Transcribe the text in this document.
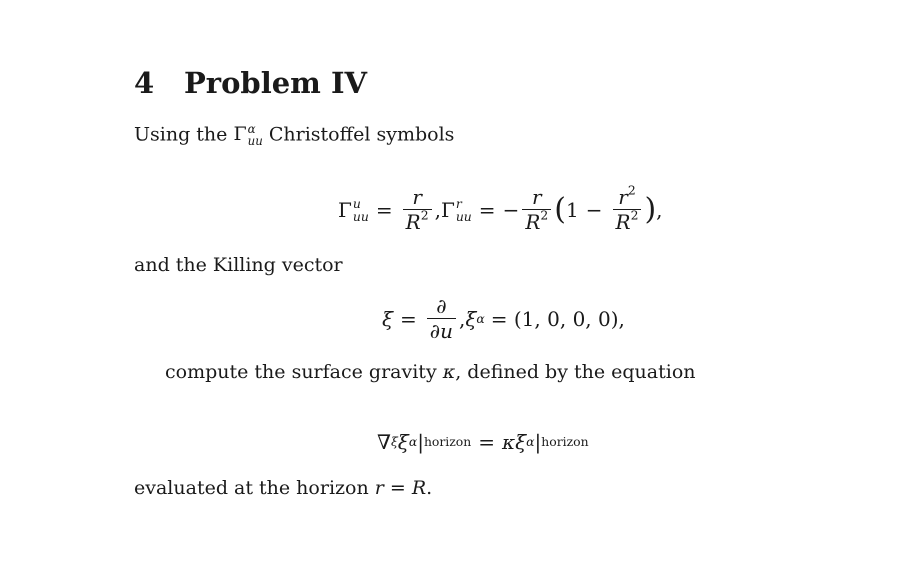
4 Problem IV
Using the Γ α
uu Christoffel symbols
Γ u
uu = $\frac{r}{R^2}$ , Γ r
uu = − $\frac{r}{R^2}$ ( $1 - \frac{r^2}{R^2}$ ) ,
and the Killing vector
$\xi = \frac{\partial}{\partial u}$ , ξ α = (1, 0, 0, 0),
compute the surface gravity κ, defined by the equation
∇ ξ ξ α | horizon = κ ξ α | horizon
evaluated at the horizon r = R.
